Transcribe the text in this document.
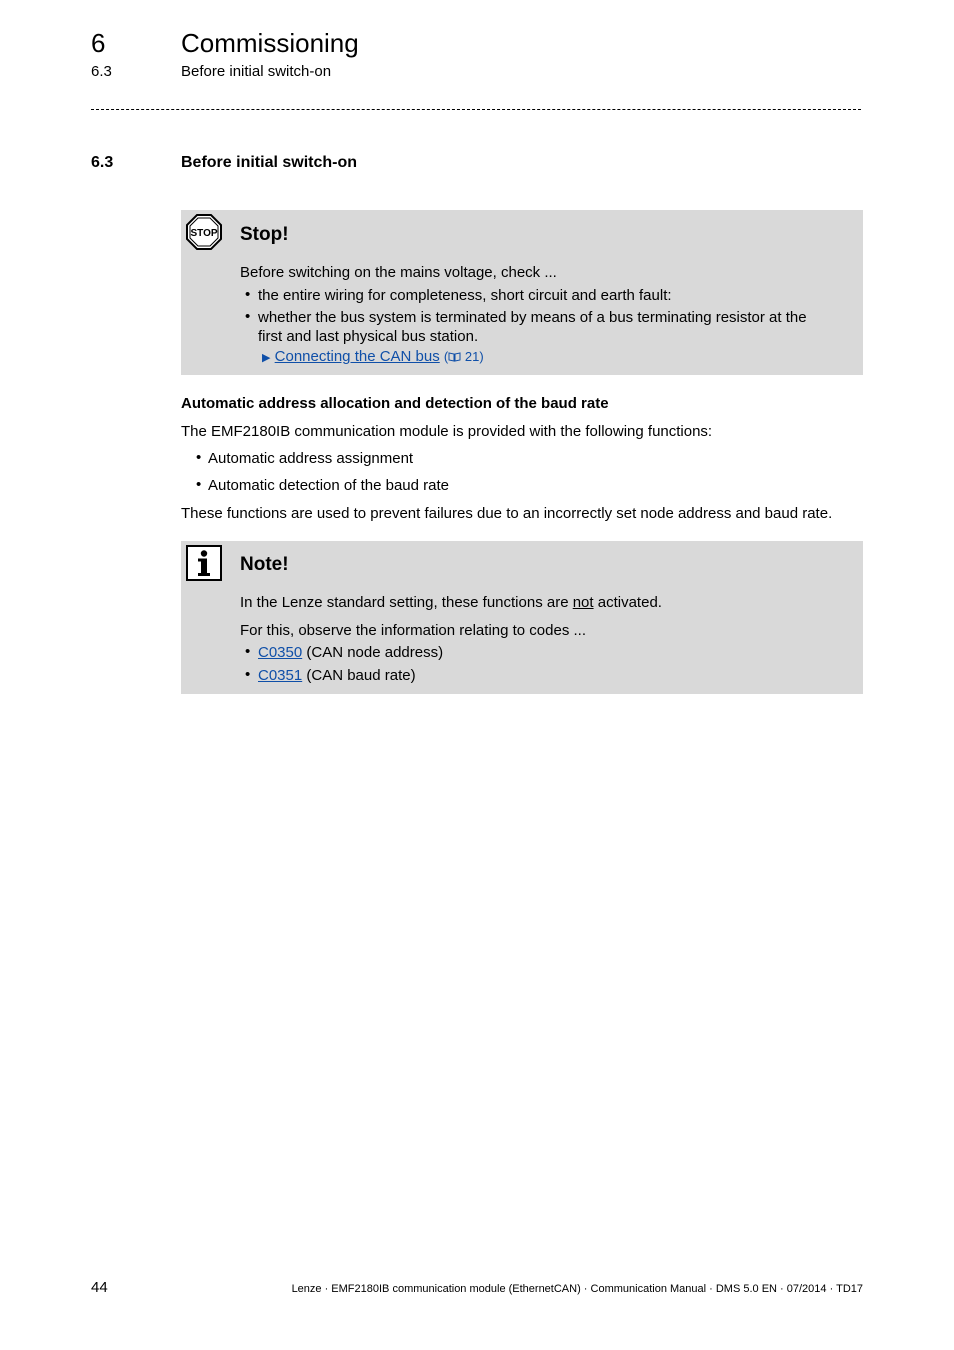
6	Commissioning
6.3	Before initial switch-on
6.3	Before initial switch-on
STOP Stop!
Before switching on the mains voltage, check ...
• the entire wiring for completeness, short circuit and earth fault:
• whether the bus system is terminated by means of a bus terminating resistor at the
first and last physical bus station.
▶ Connecting the CAN bus ( 21)
Automatic address allocation and detection of the baud rate
The EMF2180IB communication module is provided with the following functions:
• Automatic address assignment
• Automatic detection of the baud rate
These functions are used to prevent failures due to an incorrectly set node address and baud rate.
Note!
In the Lenze standard setting, these functions are not activated.
For this, observe the information relating to codes ...
• C0350 (CAN node address)
• C0351 (CAN baud rate)
44	Lenze · EMF2180IB communication module (EthernetCAN) · Communication Manual · DMS 5.0 EN · 07/2014 · TD17
